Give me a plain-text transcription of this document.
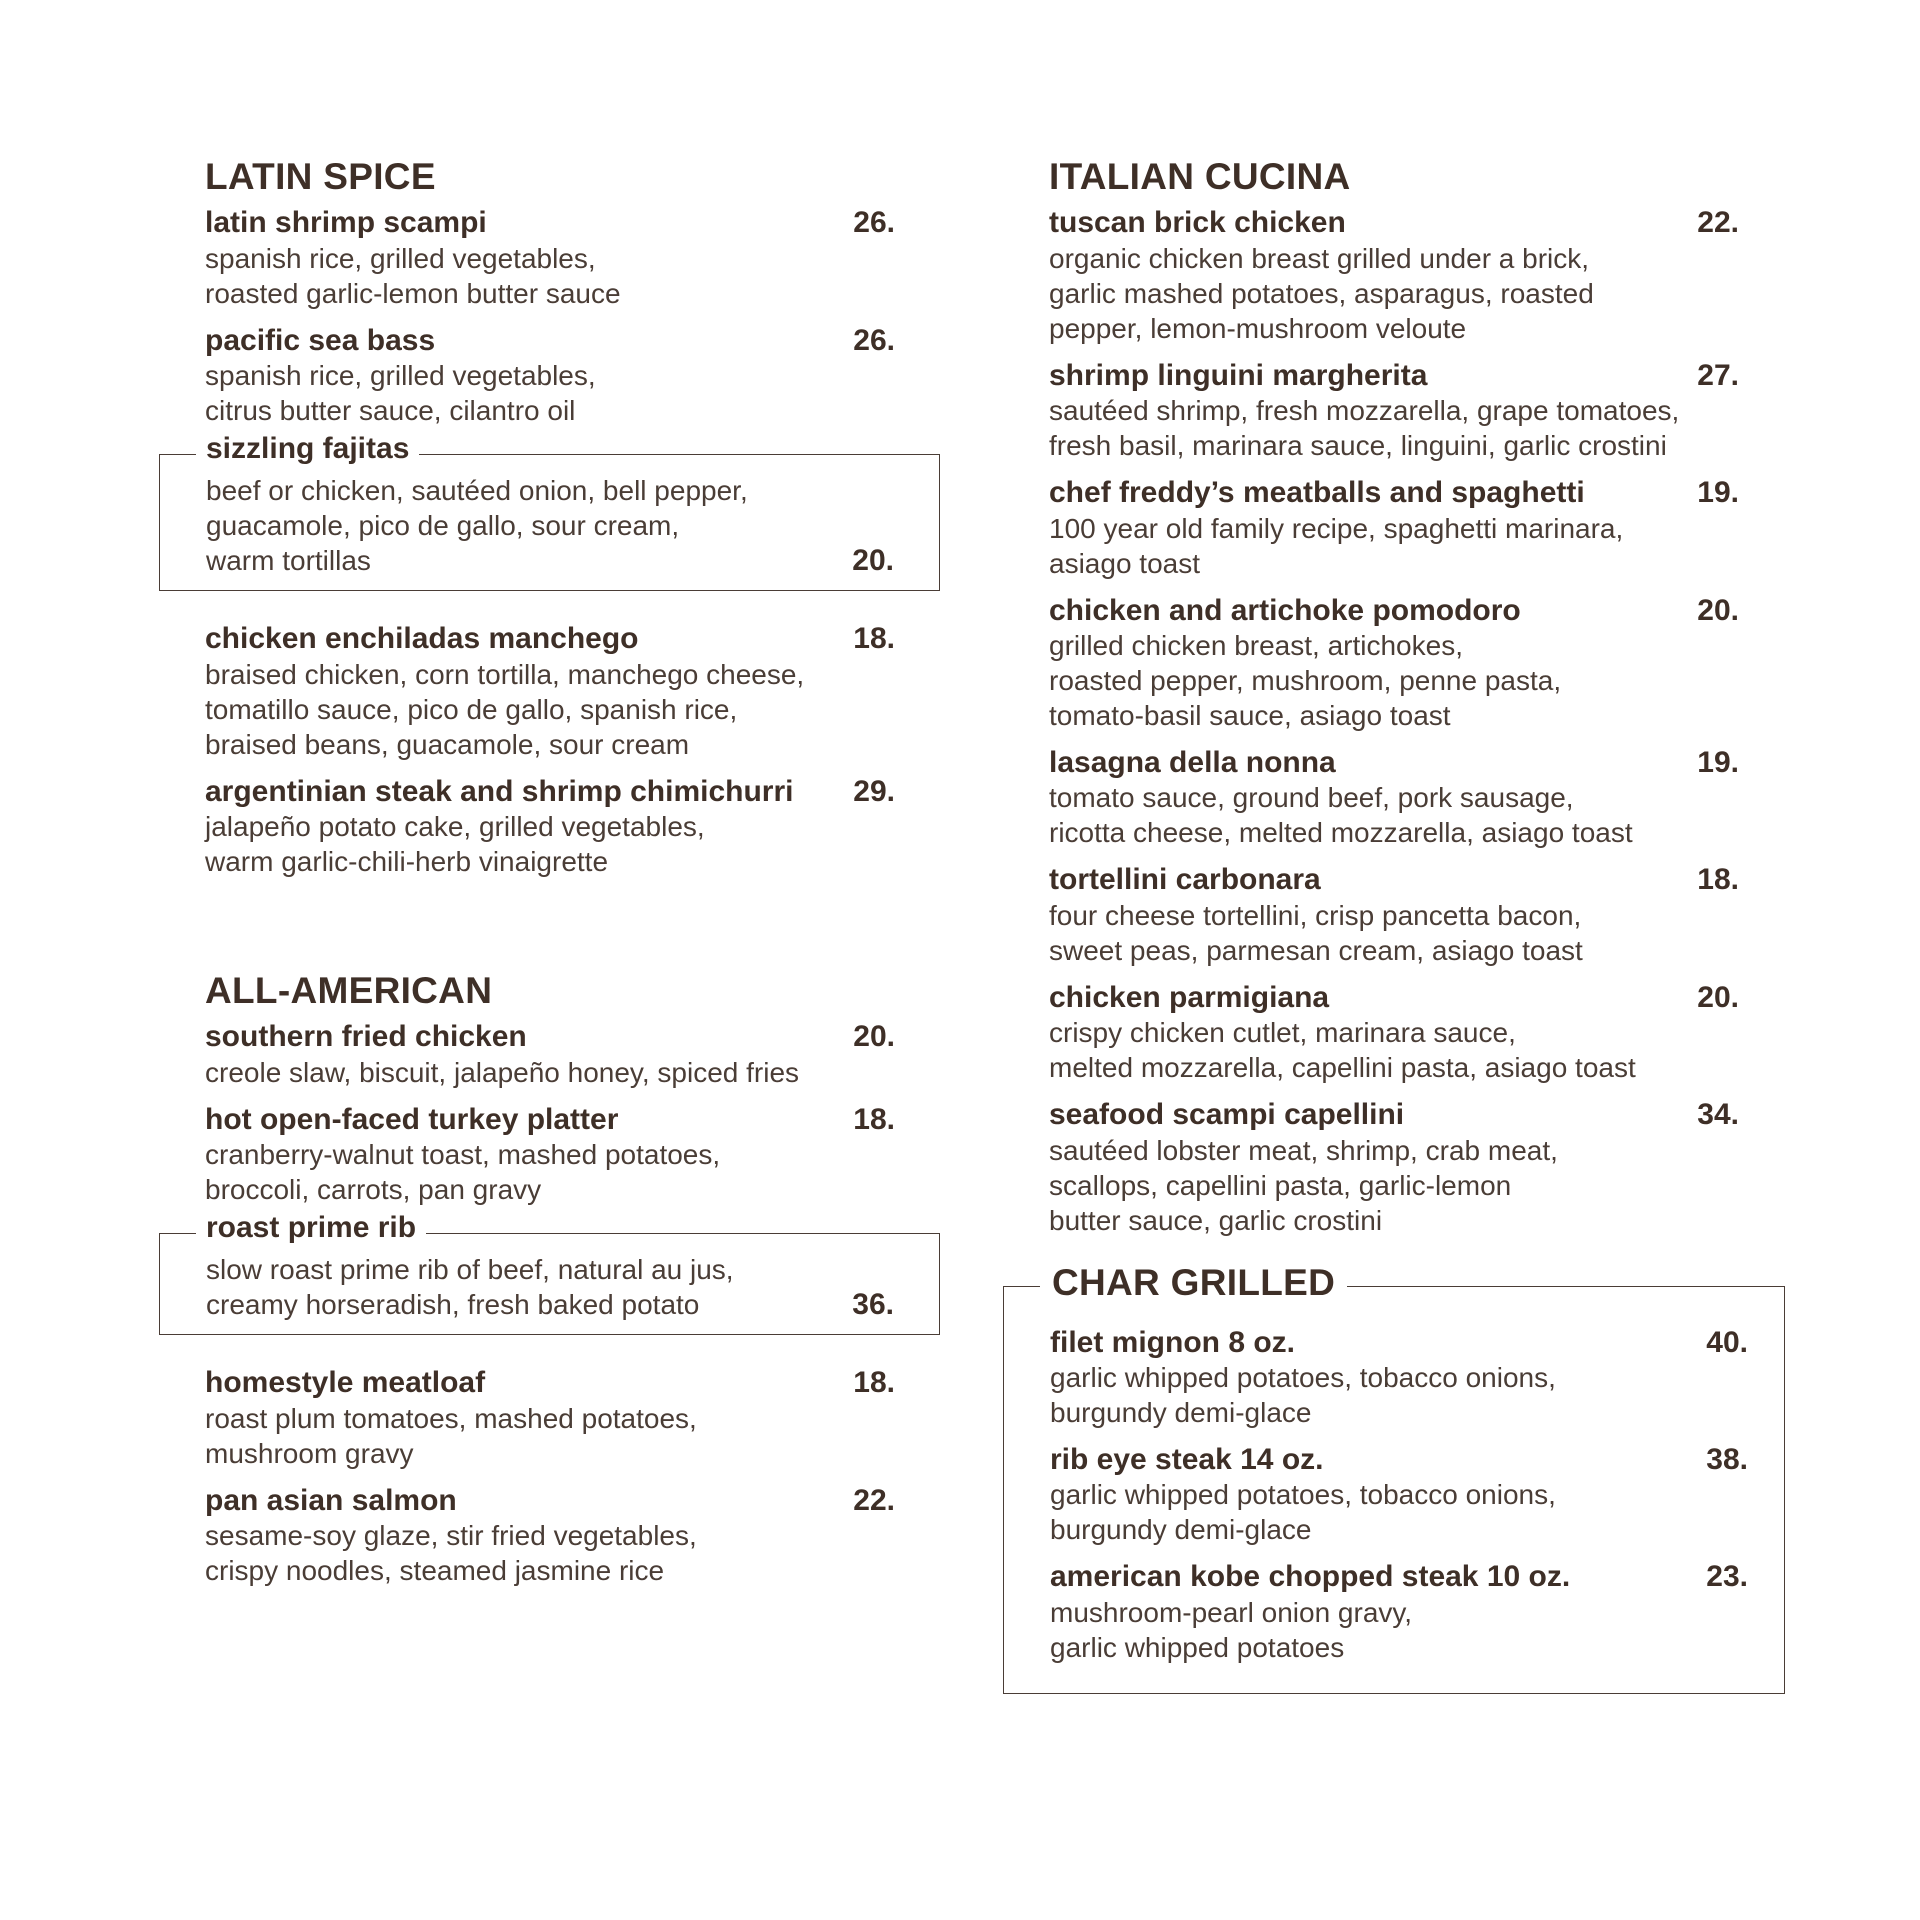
LATIN SPICE
latin shrimp scampi	26.
spanish rice, grilled vegetables,
roasted garlic-lemon butter sauce
pacific sea bass	26.
spanish rice, grilled vegetables,
citrus butter sauce, cilantro oil
sizzling fajitas
beef or chicken, sautéed onion, bell pepper,
guacamole, pico de gallo, sour cream,
warm tortillas	20.
chicken enchiladas manchego	18.
braised chicken, corn tortilla, manchego cheese,
tomatillo sauce, pico de gallo, spanish rice,
braised beans, guacamole, sour cream
argentinian steak and shrimp chimichurri	29.
jalapeño potato cake, grilled vegetables,
warm garlic-chili-herb vinaigrette
ALL-AMERICAN
southern fried chicken	20.
creole slaw, biscuit, jalapeño honey, spiced fries
hot open-faced turkey platter	18.
cranberry-walnut toast, mashed potatoes,
broccoli, carrots, pan gravy
roast prime rib
slow roast prime rib of beef, natural au jus,
creamy horseradish, fresh baked potato	36.
homestyle meatloaf	18.
roast plum tomatoes, mashed potatoes,
mushroom gravy
pan asian salmon	22.
sesame-soy glaze, stir fried vegetables,
crispy noodles, steamed jasmine rice
ITALIAN CUCINA
tuscan brick chicken	22.
organic chicken breast grilled under a brick,
garlic mashed potatoes, asparagus, roasted
pepper, lemon-mushroom veloute
shrimp linguini margherita	27.
sautéed shrimp, fresh mozzarella, grape tomatoes,
fresh basil, marinara sauce, linguini, garlic crostini
chef freddy’s meatballs and spaghetti	19.
100 year old family recipe, spaghetti marinara,
asiago toast
chicken and artichoke pomodoro	20.
grilled chicken breast, artichokes,
roasted pepper, mushroom, penne pasta,
tomato-basil sauce, asiago toast
lasagna della nonna	19.
tomato sauce, ground beef, pork sausage,
ricotta cheese, melted mozzarella, asiago toast
tortellini carbonara	18.
four cheese tortellini, crisp pancetta bacon,
sweet peas, parmesan cream, asiago toast
chicken parmigiana	20.
crispy chicken cutlet, marinara sauce,
melted mozzarella, capellini pasta, asiago toast
seafood scampi capellini	34.
sautéed lobster meat, shrimp, crab meat,
scallops, capellini pasta, garlic-lemon
butter sauce, garlic crostini
CHAR GRILLED
filet mignon 8 oz.	40.
garlic whipped potatoes, tobacco onions,
burgundy demi-glace
rib eye steak 14 oz.	38.
garlic whipped potatoes, tobacco onions,
burgundy demi-glace
american kobe chopped steak 10 oz.	23.
mushroom-pearl onion gravy,
garlic whipped potatoes
